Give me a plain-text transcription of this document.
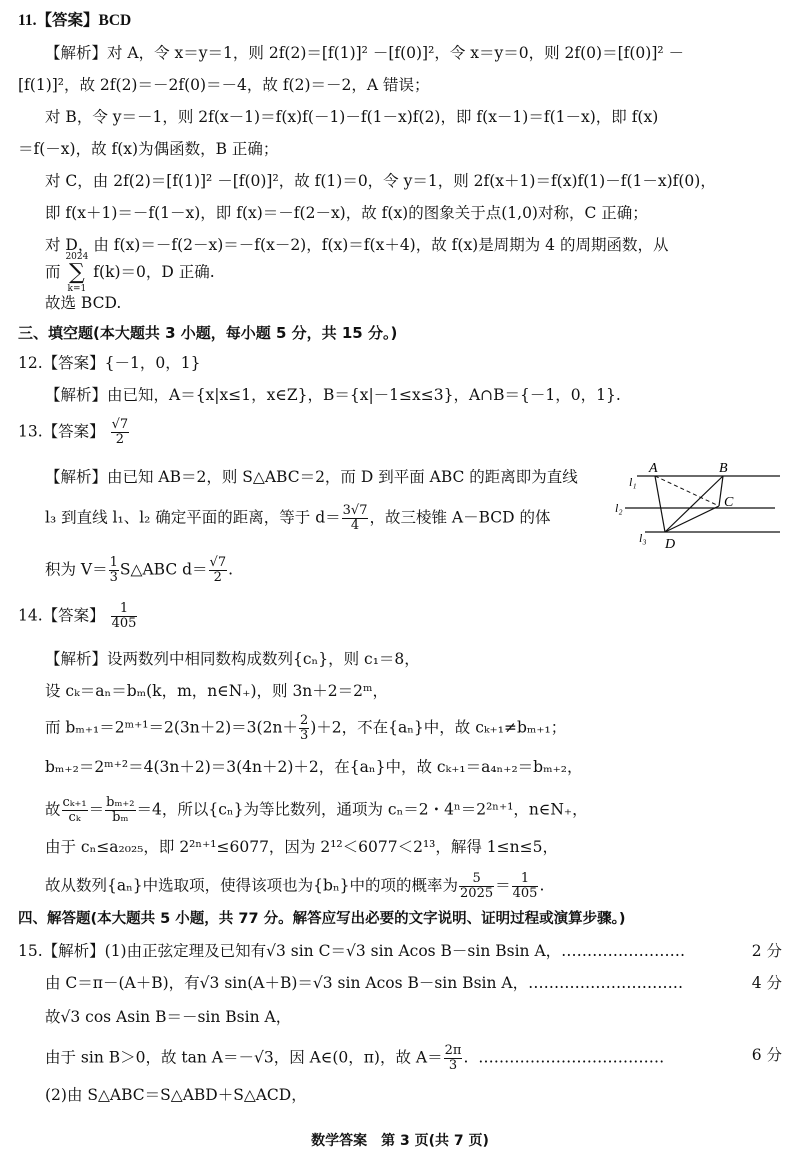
11.【答案】BCD
【解析】对 A，令 x＝y＝1，则 2f(2)＝[f(1)]² －[f(0)]²，令 x＝y＝0，则 2f(0)＝[f(0)]² －
[f(1)]²，故 2f(2)＝－2f(0)＝－4，故 f(2)＝－2，A 错误；
对 B，令 y＝－1，则 2f(x－1)＝f(x)f(－1)－f(1－x)f(2)，即 f(x－1)＝f(1－x)，即 f(x)
＝f(－x)，故 f(x)为偶函数，B 正确；
对 C，由 2f(2)＝[f(1)]² －[f(0)]²，故 f(1)＝0，令 y＝1，则 2f(x＋1)＝f(x)f(1)－f(1－x)f(0)，
即 f(x＋1)＝－f(1－x)，即 f(x)＝－f(2－x)，故 f(x)的图象关于点(1,0)对称，C 正确；
对 D，由 f(x)＝－f(2－x)＝－f(x－2)，f(x)＝f(x＋4)，故 f(x)是周期为 4 的周期函数，从
而 2024
∑
k=1 f(k)＝0，D 正确.
故选 BCD.
三、填空题(本大题共 3 小题，每小题 5 分，共 15 分。)
12.【答案】{－1，0，1}
【解析】由已知，A＝{x|x≤1，x∈Z}，B＝{x|－1≤x≤3}，A∩B＝{－1，0，1}.
13.【答案】 $\frac{√7}{2}$
【解析】由已知 AB＝2，则 S△ABC＝2，而 D 到平面 ABC 的距离即为直线
l₃ 到直线 l₁、l₂ 确定平面的距离，等于 $d= \frac{3√7}{4}$ ，故三棱锥 A－BCD 的体
积为 $V= \frac{1}{3}$ S△ABC $d= \frac{√7}{2}$ .
A	B
C
D
l₁
l₂
l₃
14.【答案】 $\frac{1}{405}$
【解析】设两数列中相同数构成数列{cₙ}，则 c₁＝8，
设 cₖ＝aₙ＝bₘ(k，m，n∈N₊)，则 3n＋2＝2ᵐ，
而 bₘ₊₁＝2ᵐ⁺¹＝2(3n＋2)＝3(2n＋ $\frac{2}{3} )+2$，不在{aₙ}中，故 cₖ₊₁≠bₘ₊₁；
bₘ₊₂＝2ᵐ⁺²＝4(3n＋2)＝3(4n＋2)＋2，在{aₙ}中，故 cₖ₊₁＝a₄ₙ₊₂＝bₘ₊₂，
故 $\frac{\text{cₖ₊₁}}{\text{cₖ}} = \frac{\text{bₘ₊₂}}{\text{bₘ}} =4$，所以{cₙ}为等比数列，通项为 cₙ＝2・4ⁿ＝2²ⁿ⁺¹，n∈N₊，
由于 cₙ≤a₂₀₂₅，即 2²ⁿ⁺¹≤6077，因为 2¹²＜6077＜2¹³，解得 1≤n≤5，
故从数列{aₙ}中选取项，使得该项也为{bₙ}中的项的概率为 $\frac{5}{2025} = \frac{1}{405}$ .
四、解答题(本大题共 5 小题，共 77 分。解答应写出必要的文字说明、证明过程或演算步骤。)
15.【解析】(1)由正弦定理及已知有√3 sin C＝√3 sin Acos B－sin Bsin A，……………………	2 分
由 C＝π－(A＋B)，有√3 sin(A＋B)＝√3 sin Acos B－sin Bsin A，…………………………	4 分
故√3 cos Asin B＝－sin Bsin A，
由于 sin B＞0，故 tan A＝－√3，因 A∈(0，π)，故 $A= \frac{2\pi}{3}$ . ………………………………	6 分
(2)由 S△ABC＝S△ABD＋S△ACD，
数学答案　第 3 页(共 7 页)
